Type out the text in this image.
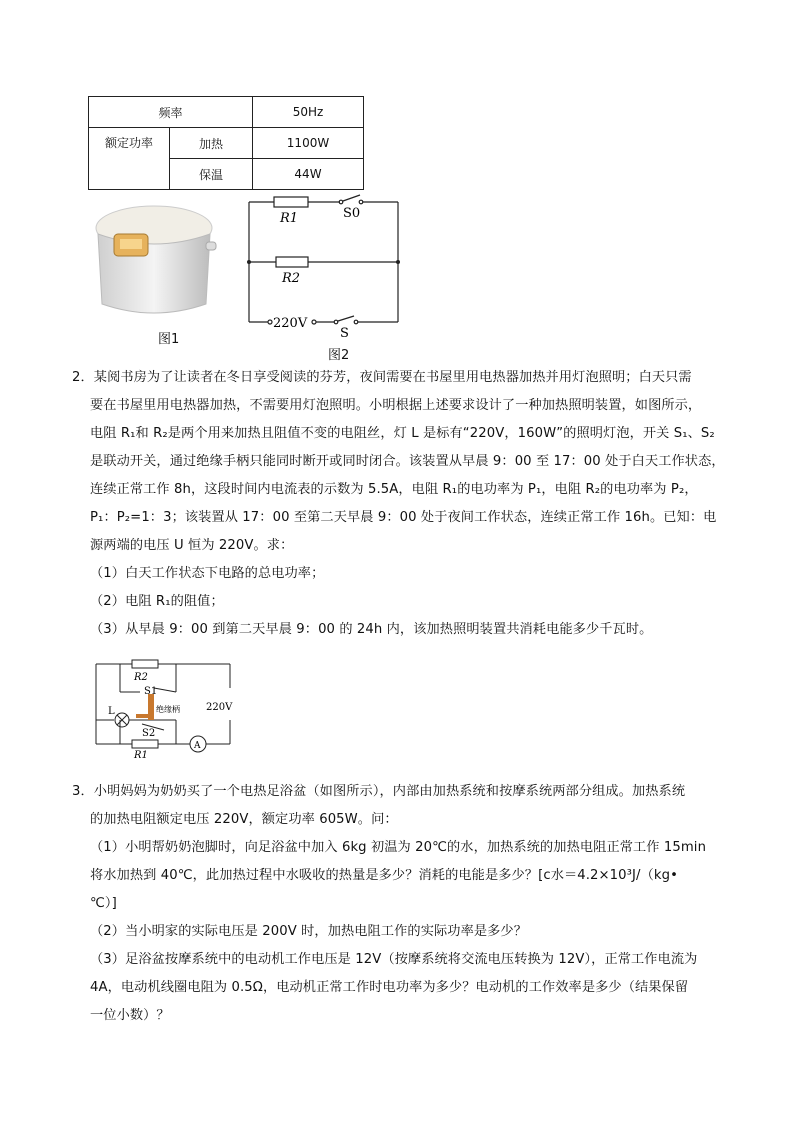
频率		50Hz
额定功率	加热	1100W
	保温	44W
图1
R1	S0
R2
220V
S
图2
2．某阅书房为了让读者在冬日享受阅读的芬芳，夜间需要在书屋里用电热器加热并用灯泡照明；白天只需
要在书屋里用电热器加热，不需要用灯泡照明。小明根据上述要求设计了一种加热照明装置，如图所示，
电阻 R₁和 R₂是两个用来加热且阻值不变的电阻丝，灯 L 是标有“220V，160W”的照明灯泡，开关 S₁、S₂
是联动开关，通过绝缘手柄只能同时断开或同时闭合。该装置从早晨 9：00 至 17：00 处于白天工作状态，
连续正常工作 8h，这段时间内电流表的示数为 5.5A，电阻 R₁的电功率为 P₁，电阻 R₂的电功率为 P₂，
P₁：P₂=1：3；该装置从 17：00 至第二天早晨 9：00 处于夜间工作状态，连续正常工作 16h。已知：电
源两端的电压 U 恒为 220V。求：
（1）白天工作状态下电路的总电功率；
（2）电阻 R₁的阻值；
（3）从早晨 9：00 到第二天早晨 9：00 的 24h 内，该加热照明装置共消耗电能多少千瓦时。
R2
S1
L	绝缘柄
S2
R1
A
220V
3．小明妈妈为奶奶买了一个电热足浴盆（如图所示），内部由加热系统和按摩系统两部分组成。加热系统
的加热电阻额定电压 220V，额定功率 605W。问：
（1）小明帮奶奶泡脚时，向足浴盆中加入 6kg 初温为 20℃的水，加热系统的加热电阻正常工作 15min
将水加热到 40℃，此加热过程中水吸收的热量是多少？消耗的电能是多少？[c水＝4.2×10³J/（kg•
℃）]
（2）当小明家的实际电压是 200V 时，加热电阻工作的实际功率是多少？
（3）足浴盆按摩系统中的电动机工作电压是 12V（按摩系统将交流电压转换为 12V），正常工作电流为
4A，电动机线圈电阻为 0.5Ω，电动机正常工作时电功率为多少？电动机的工作效率是多少（结果保留
一位小数）？
